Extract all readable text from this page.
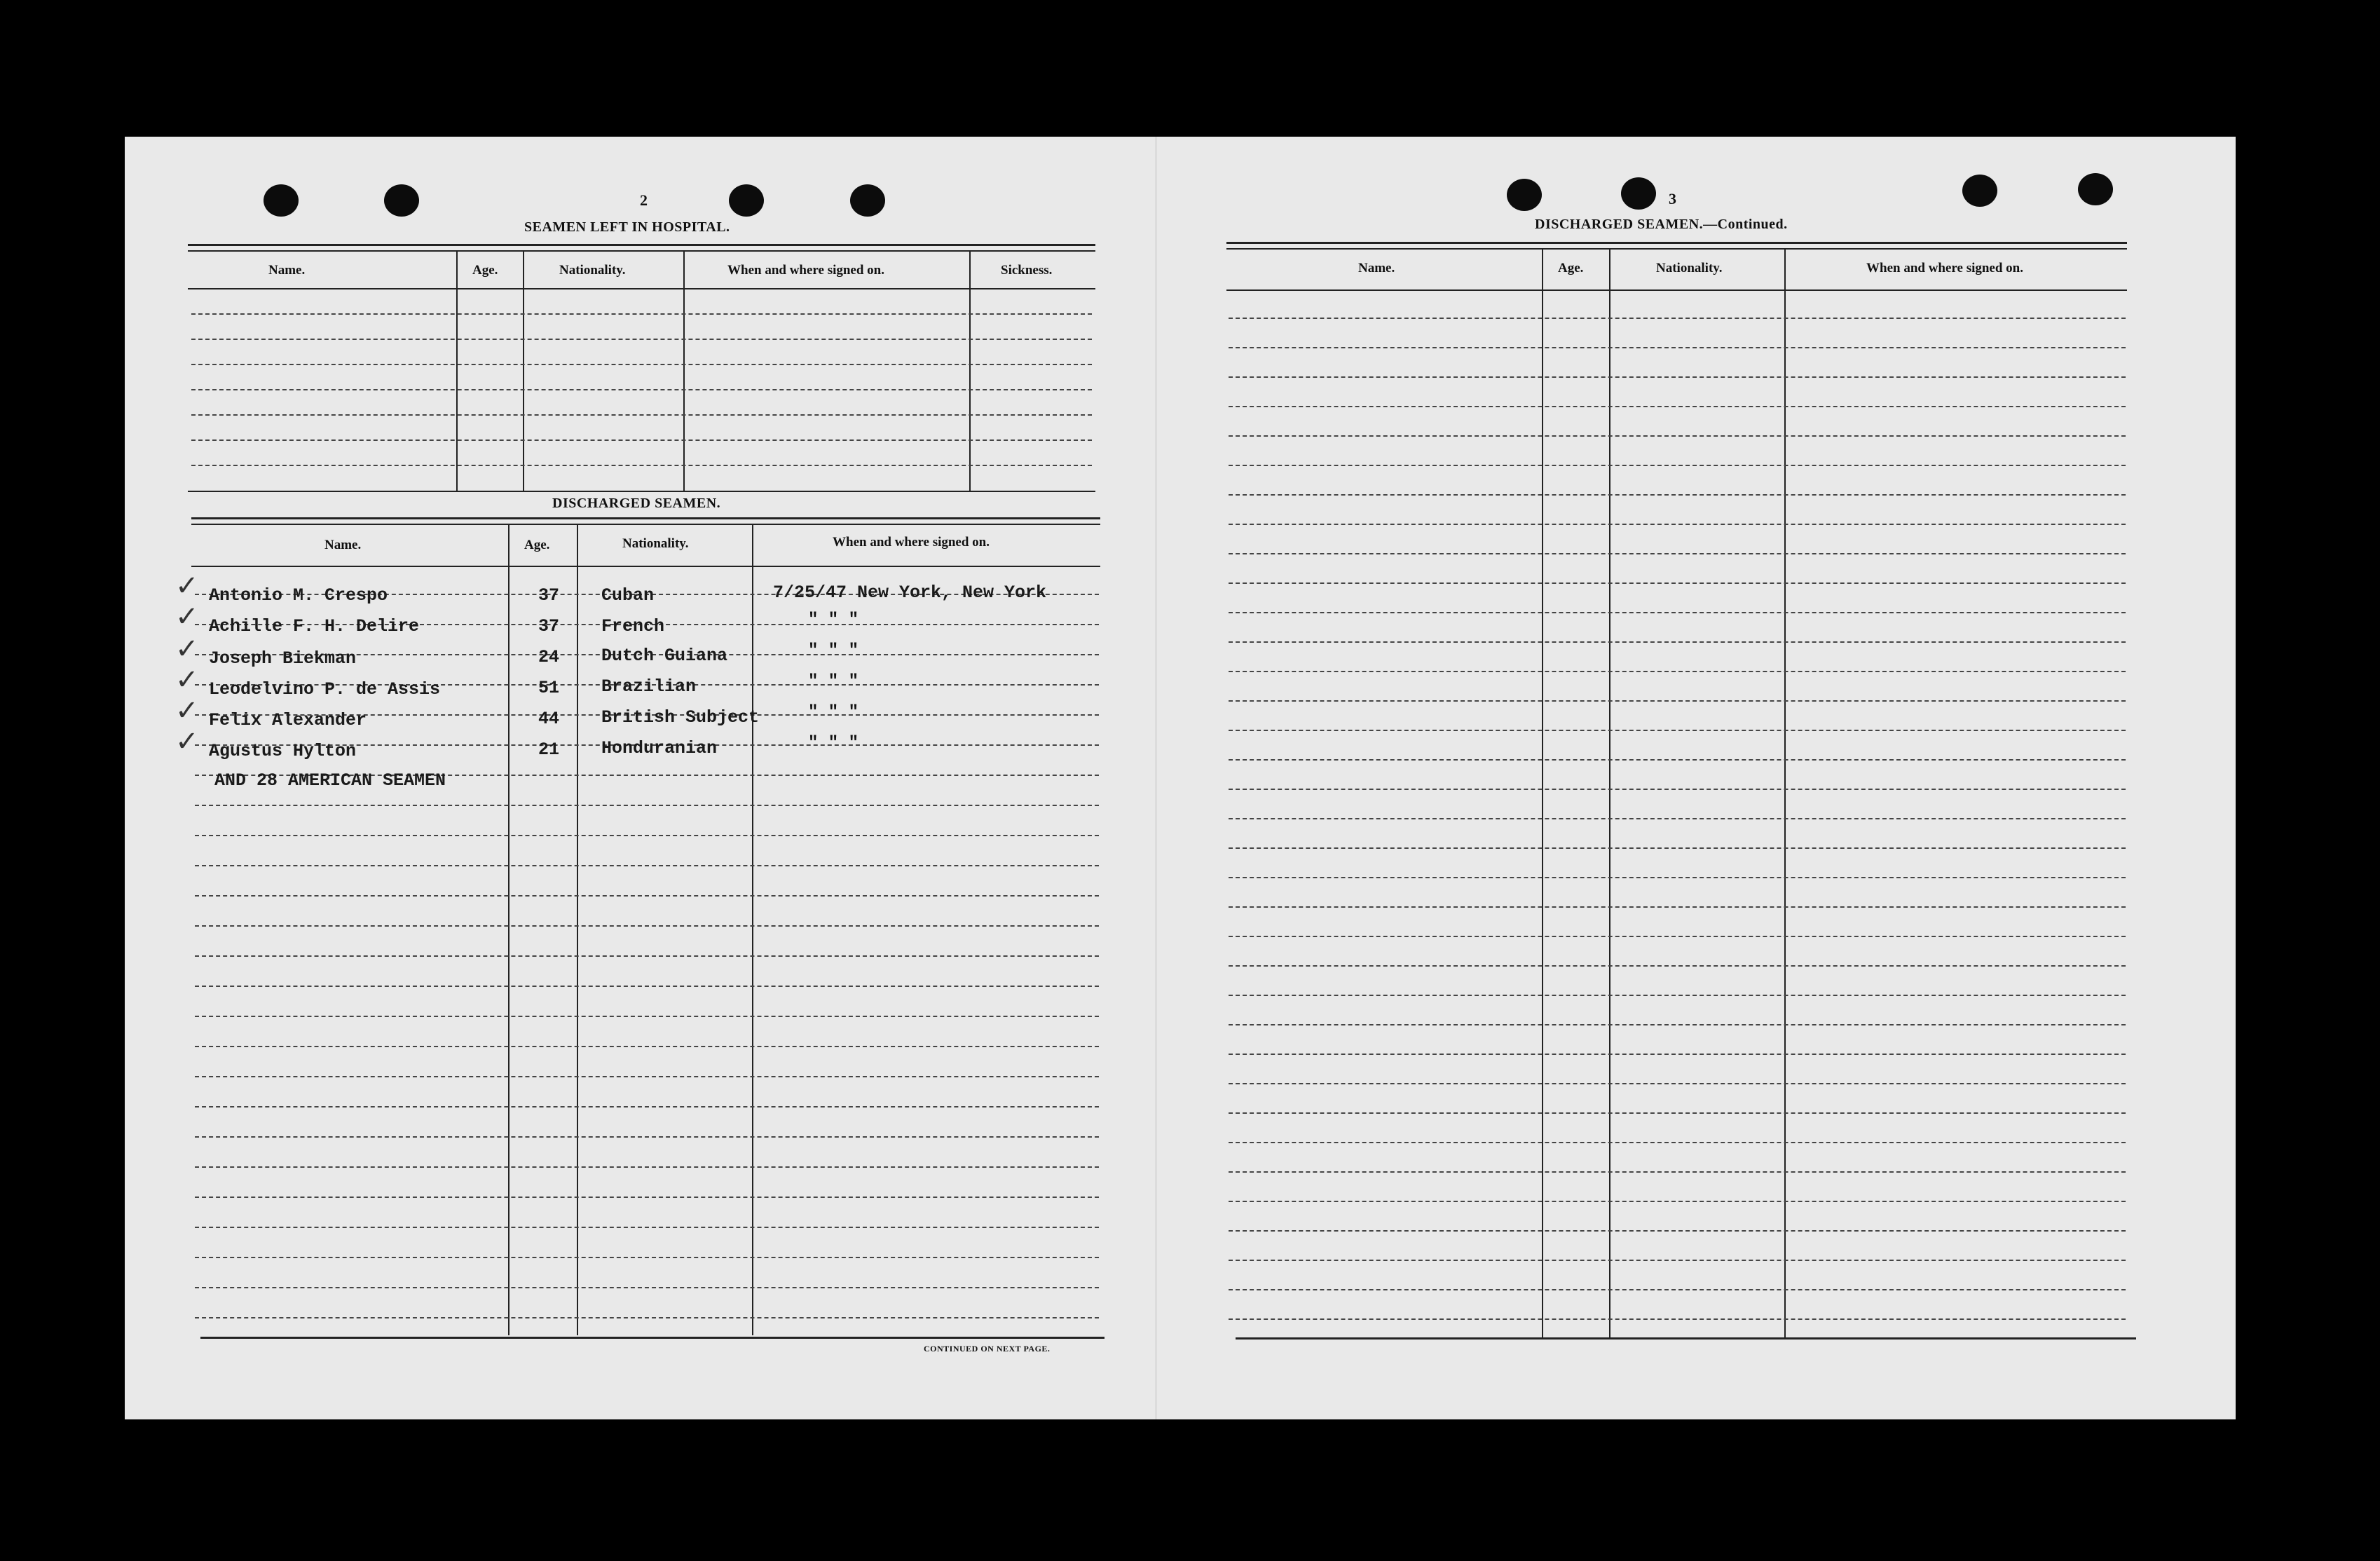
2
SEAMEN LEFT IN HOSPITAL.
Name.	Age.	Nationality.	When and where signed on.	Sickness.
DISCHARGED SEAMEN.
Name.	Age.	Nationality.	When and where signed on.
✓ Antonio M. Crespo	37 Cuban	7/25/47 New York, New York
✓ Achille F. H. Delire	37 French	" " "
✓ Joseph Biekman	24 Dutch Guiana	" " "
✓ Leodelvino P. de Assis	51 Brazilian	" " "
✓ Felix Alexander	44 British Subject	" " "
✓ Agustus Hylton	21 Honduranian	" " "
AND 28 AMERICAN SEAMEN
CONTINUED ON NEXT PAGE.
3
DISCHARGED SEAMEN.—Continued.
Name.	Age.	Nationality.	When and where signed on.
